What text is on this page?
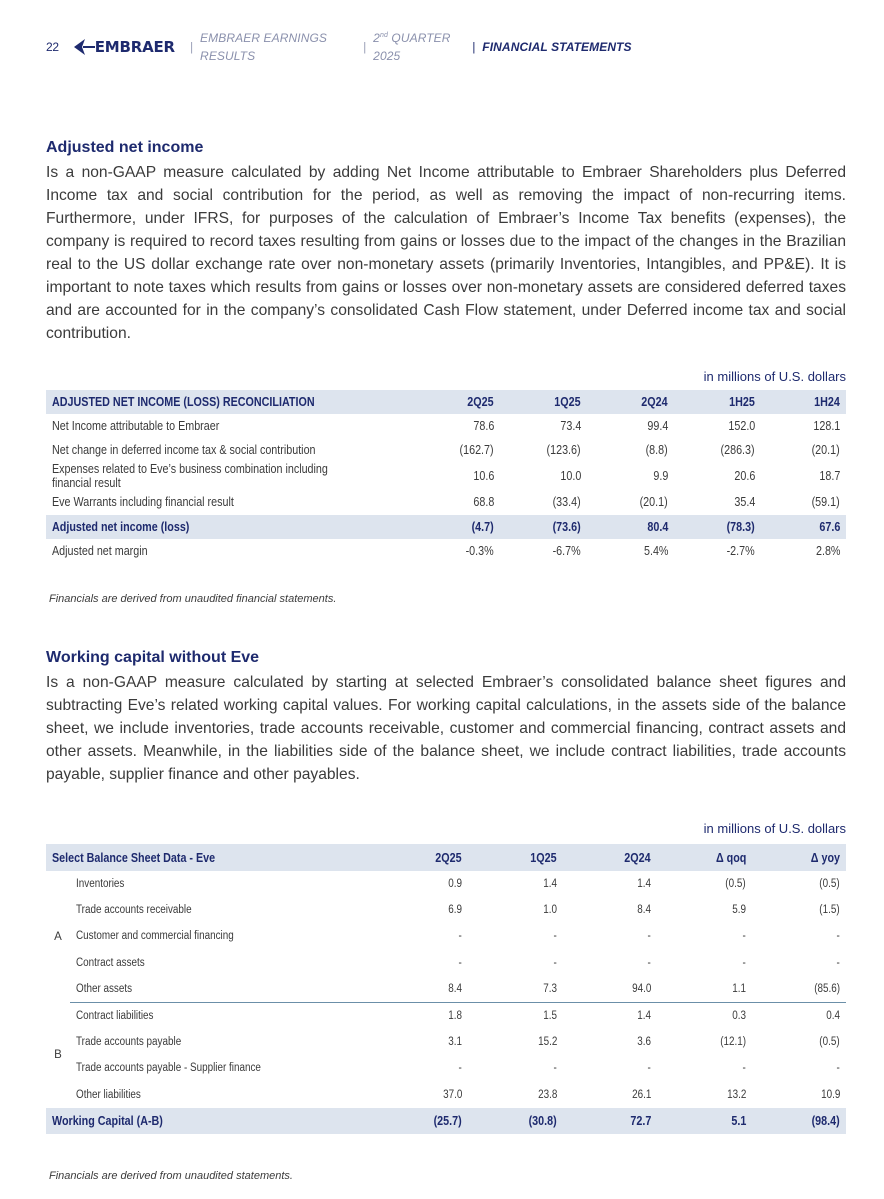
22 EMBRAER |
EMBRAER EARNINGS RESULTS
|
2nd QUARTER 2025
| FINANCIAL STATEMENTS
Adjusted net income

Is a non-GAAP measure calculated by adding Net Income attributable to Embraer Shareholders plus Deferred Income tax and social contribution for the period, as well as removing the impact of non-recurring items. Furthermore, under IFRS, for purposes of the calculation of Embraer’s Income Tax benefits (expenses), the company is required to record taxes resulting from gains or losses due to the impact of the changes in the Brazilian real to the US dollar exchange rate over non-monetary assets (primarily Inventories, Intangibles, and PP&E). It is important to note taxes which results from gains or losses over non-monetary assets are considered deferred taxes and are accounted for in the company’s consolidated Cash Flow statement, under Deferred income tax and social contribution.

in millions of U.S. dollars
ADJUSTED NET INCOME (LOSS) RECONCILIATION	2Q25	1Q25	2Q24	1H25	1H24
Net Income attributable to Embraer	78.6	73.4	99.4	152.0	128.1
Net change in deferred income tax & social contribution	(162.7)	(123.6)	(8.8)	(286.3)	(20.1)
Expenses related to Eve’s business combination including financial result	10.6	10.0	9.9	20.6	18.7
Eve Warrants including financial result	68.8	(33.4)	(20.1)	35.4	(59.1)
Adjusted net income (loss)	(4.7)	(73.6)	80.4	(78.3)	67.6
Adjusted net margin	-0.3%	-6.7%	5.4%	-2.7%	2.8%
Financials are derived from unaudited financial statements.
Working capital without Eve

Is a non-GAAP measure calculated by starting at selected Embraer’s consolidated balance sheet figures and subtracting Eve’s related working capital values. For working capital calculations, in the assets side of the balance sheet, we include inventories, trade accounts receivable, customer and commercial financing, contract assets and other assets. Meanwhile, in the liabilities side of the balance sheet, we include contract liabilities, trade accounts payable, supplier finance and other payables.

in millions of U.S. dollars
Select Balance Sheet Data - Eve		2Q25	1Q25	2Q24	Δ qoq	Δ yoy
A	Inventories	0.9	1.4	1.4	(0.5)	(0.5)
	Trade accounts receivable	6.9	1.0	8.4	5.9	(1.5)
	Customer and commercial financing	-	-	-	-	-
	Contract assets	-	-	-	-	-
	Other assets	8.4	7.3	94.0	1.1	(85.6)
B	Contract liabilities	1.8	1.5	1.4	0.3	0.4
	Trade accounts payable	3.1	15.2	3.6	(12.1)	(0.5)
	Trade accounts payable - Supplier finance	-	-	-	-	-
	Other liabilities	37.0	23.8	26.1	13.2	10.9
Working Capital (A-B)		(25.7)	(30.8)	72.7	5.1	(98.4)
Financials are derived from unaudited statements.
